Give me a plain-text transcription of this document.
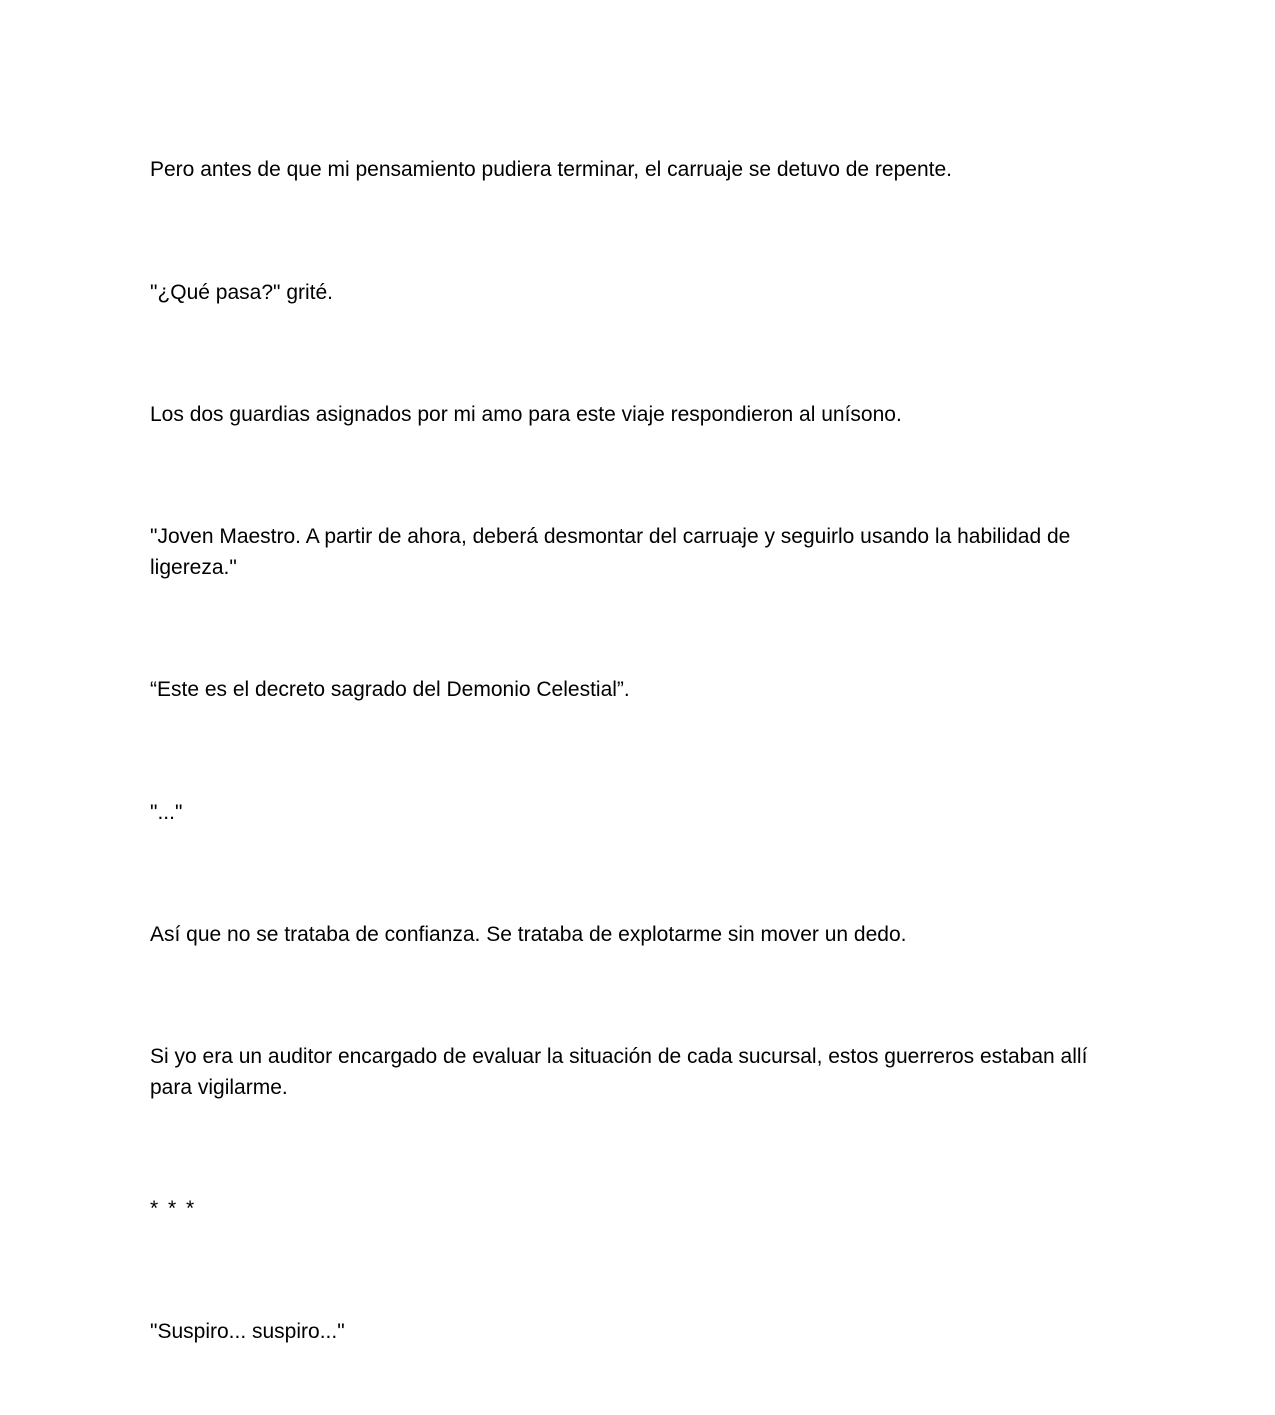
Pero antes de que mi pensamiento pudiera terminar, el carruaje se detuvo de repente.

"¿Qué pasa?" grité.

Los dos guardias asignados por mi amo para este viaje respondieron al unísono.

"Joven Maestro. A partir de ahora, deberá desmontar del carruaje y seguirlo usando la habilidad de ligereza."

“Este es el decreto sagrado del Demonio Celestial”.

"..."

Así que no se trataba de confianza. Se trataba de explotarme sin mover un dedo.

Si yo era un auditor encargado de evaluar la situación de cada sucursal, estos guerreros estaban allí para vigilarme.

* * *

"Suspiro... suspiro..."
